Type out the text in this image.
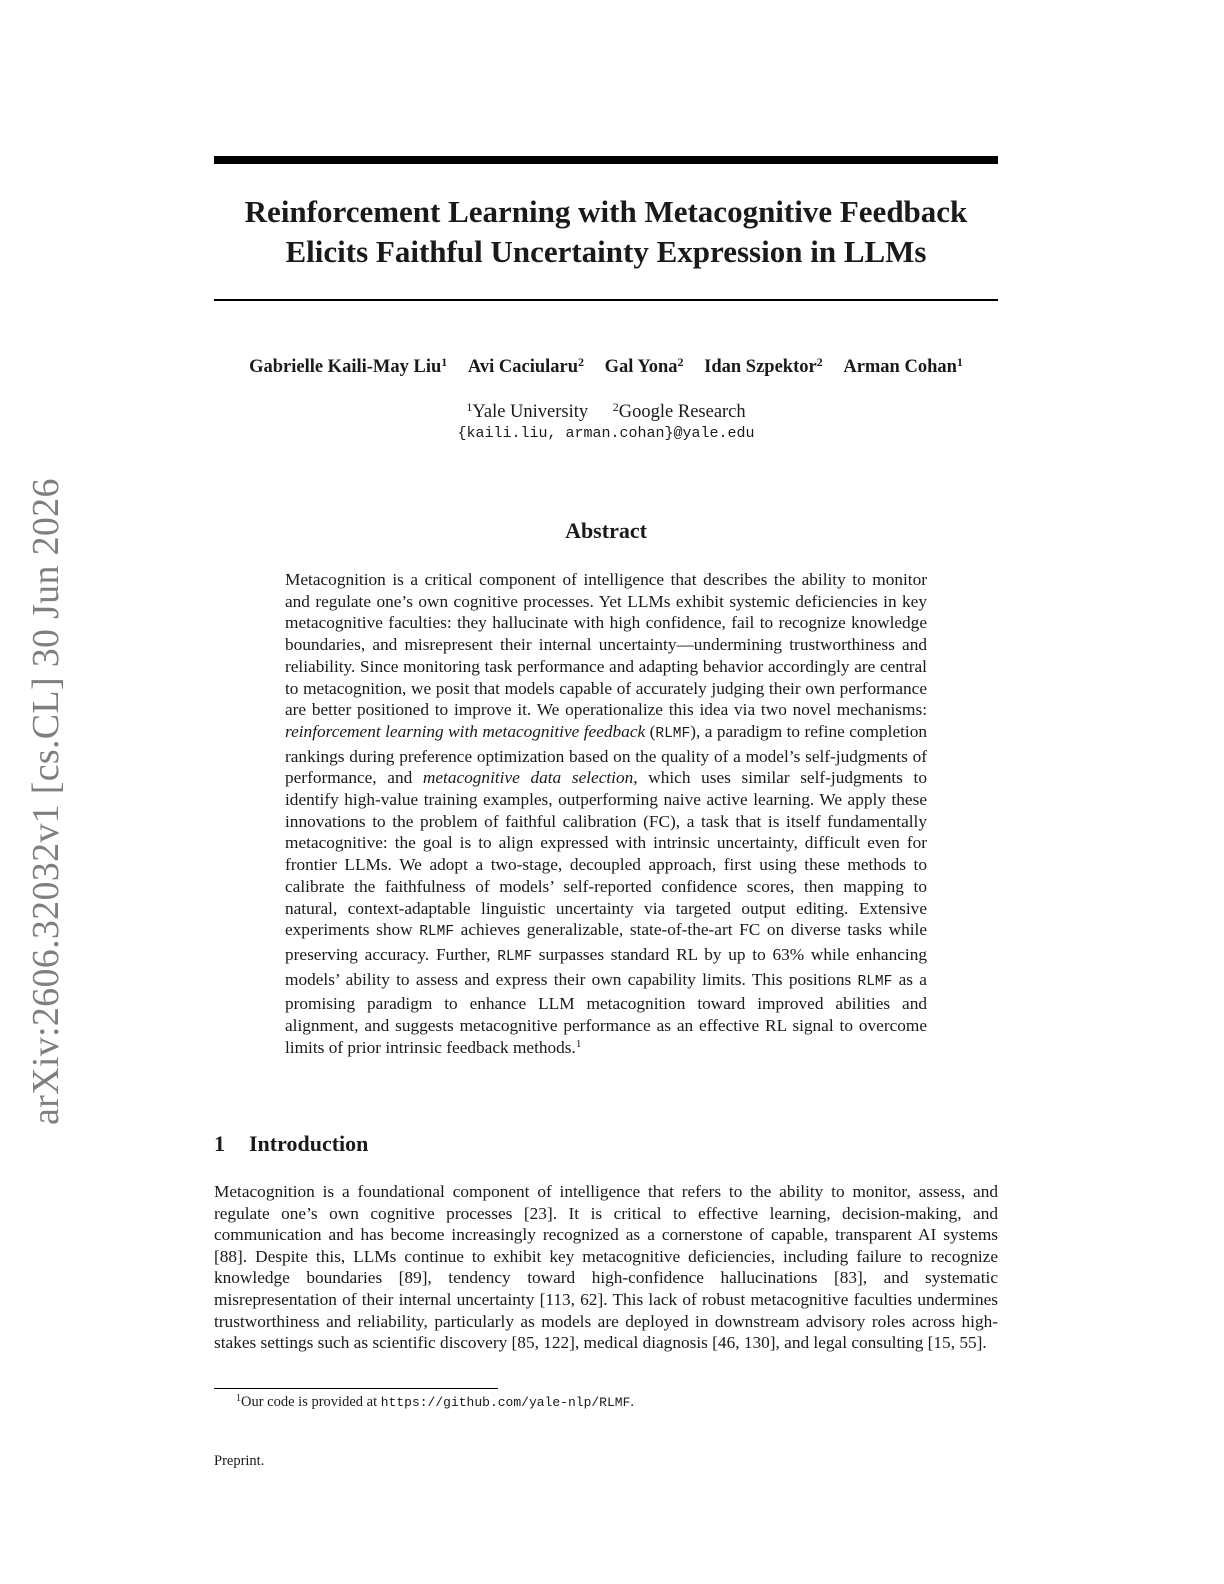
arXiv:2606.32032v1 [cs.CL] 30 Jun 2026
Reinforcement Learning with Metacognitive Feedback
Elicits Faithful Uncertainty Expression in LLMs
Gabrielle Kaili-May Liu$^1$ Avi Caciularu$^2$ Gal Yona$^2$ Idan Szpektor$^2$ Arman Cohan$^1$
$^1$Yale University $^2$Google Research
{kaili.liu, arman.cohan}@yale.edu
Abstract

Metacognition is a critical component of intelligence that describes the ability to monitor and regulate one’s own cognitive processes. Yet LLMs exhibit systemic deficiencies in key metacognitive faculties: they hallucinate with high confidence, fail to recognize knowledge boundaries, and misrepresent their internal uncertainty—undermining trustworthiness and reliability. Since monitoring task performance and adapting behavior accordingly are central to metacognition, we posit that models capable of accurately judging their own performance are better positioned to improve it. We operationalize this idea via two novel mechanisms: reinforcement learning with metacognitive feedback (RLMF), a paradigm to refine completion rankings during preference optimization based on the quality of a model’s self-judgments of performance, and metacognitive data selection, which uses similar self-judgments to identify high-value training examples, outperforming naive active learning. We apply these innovations to the problem of faithful calibration (FC), a task that is itself fundamentally metacognitive: the goal is to align expressed with intrinsic uncertainty, difficult even for frontier LLMs. We adopt a two-stage, decoupled approach, first using these methods to calibrate the faithfulness of models’ self-reported confidence scores, then mapping to natural, context-adaptable linguistic uncertainty via targeted output editing. Extensive experiments show RLMF achieves generalizable, state-of-the-art FC on diverse tasks while preserving accuracy. Further, RLMF surpasses standard RL by up to 63% while enhancing models’ ability to assess and express their own capability limits. This positions RLMF as a promising paradigm to enhance LLM metacognition toward improved abilities and alignment, and suggests metacognitive performance as an effective RL signal to overcome limits of prior intrinsic feedback methods.$^1$

1 Introduction

Metacognition is a foundational component of intelligence that refers to the ability to monitor, assess, and regulate one’s own cognitive processes [23]. It is critical to effective learning, decision-making, and communication and has become increasingly recognized as a cornerstone of capable, transparent AI systems [88]. Despite this, LLMs continue to exhibit key metacognitive deficiencies, including failure to recognize knowledge boundaries [89], tendency toward high-confidence hallucinations [83], and systematic misrepresentation of their internal uncertainty [113, 62]. This lack of robust metacognitive faculties undermines trustworthiness and reliability, particularly as models are deployed in downstream advisory roles across high-stakes settings such as scientific discovery [85, 122], medical diagnosis [46, 130], and legal consulting [15, 55].

$^1$Our code is provided at https://github.com/yale-nlp/RLMF.

Preprint.
